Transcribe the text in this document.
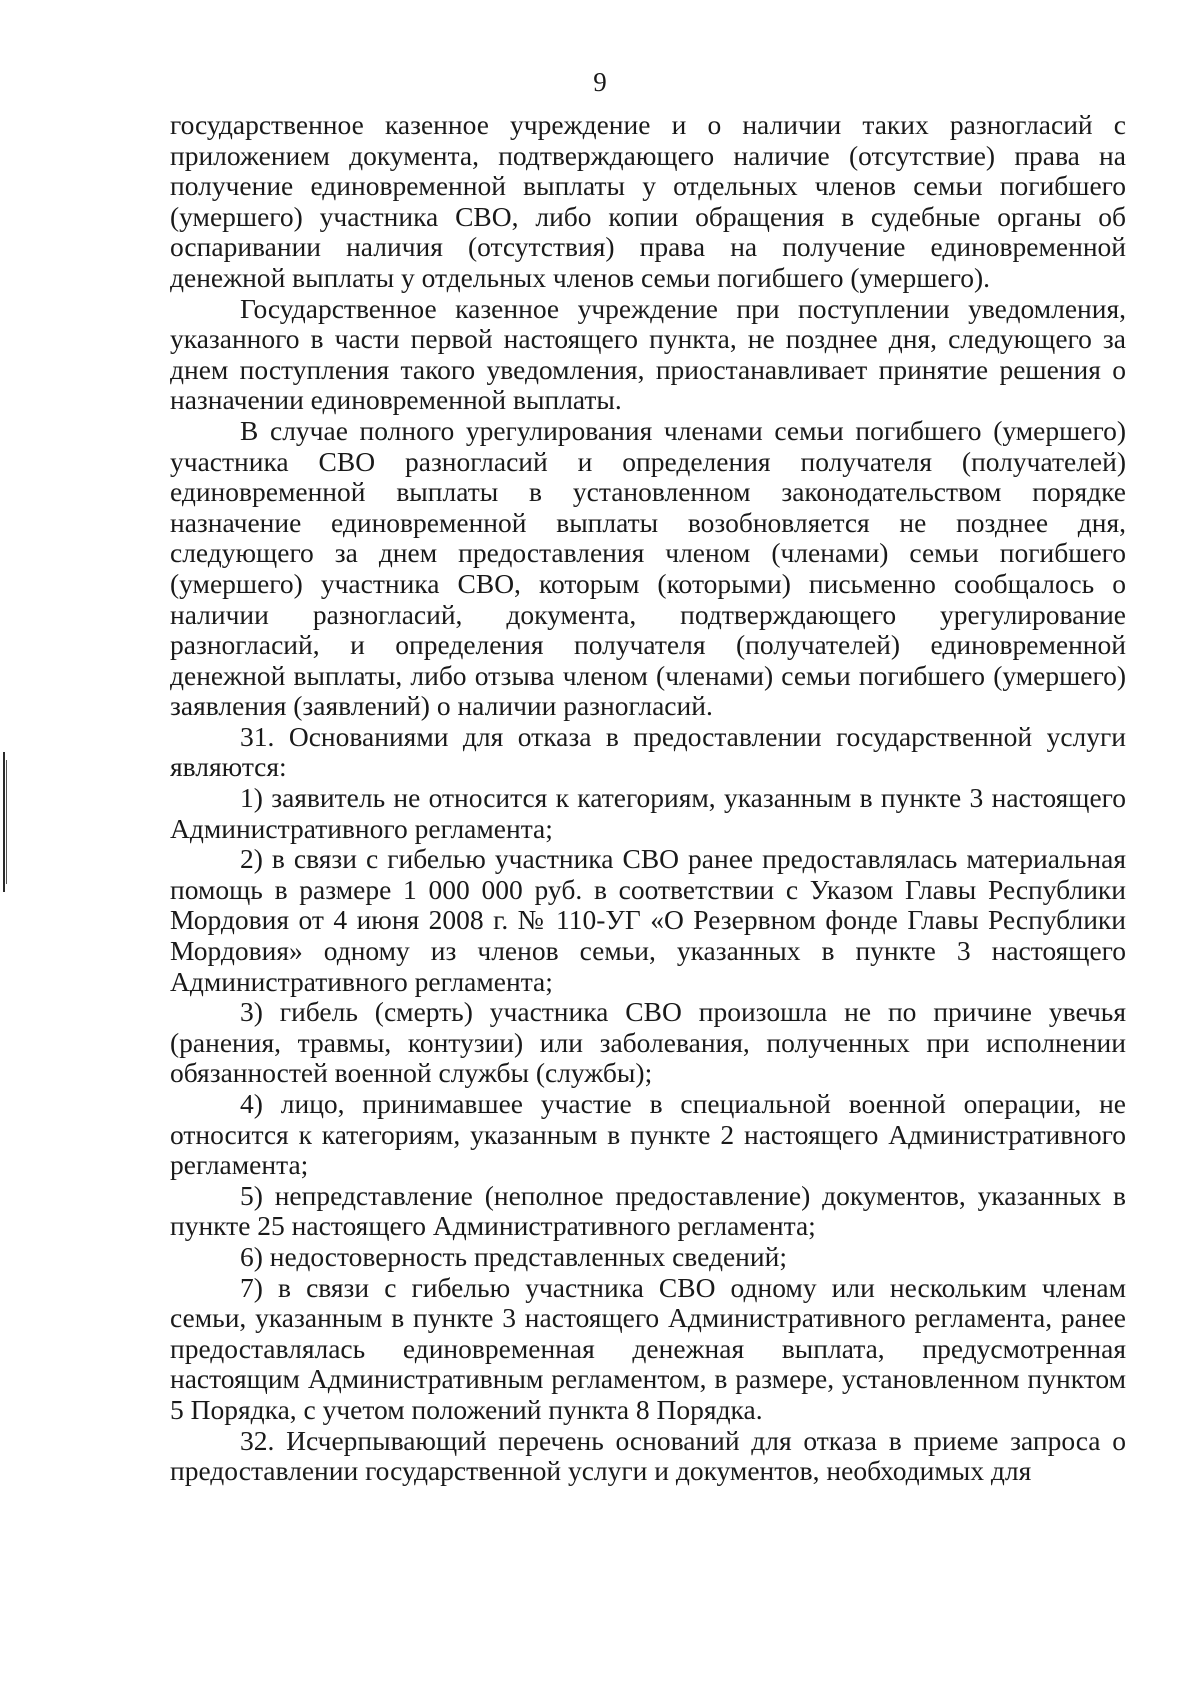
9

государственное казенное учреждение и о наличии таких разногласий с приложением документа, подтверждающего наличие (отсутствие) права на получение единовременной выплаты у отдельных членов семьи погибшего (умершего) участника СВО, либо копии обращения в судебные органы об оспаривании наличия (отсутствия) права на получение единовременной денежной выплаты у отдельных членов семьи погибшего (умершего).

Государственное казенное учреждение при поступлении уведомления, указанного в части первой настоящего пункта, не позднее дня, следующего за днем поступления такого уведомления, приостанавливает принятие решения о назначении единовременной выплаты.

В случае полного урегулирования членами семьи погибшего (умершего) участника СВО разногласий и определения получателя (получателей) единовременной выплаты в установленном законодательством порядке назначение единовременной выплаты возобновляется не позднее дня, следующего за днем предоставления членом (членами) семьи погибшего (умершего) участника СВО, которым (которыми) письменно сообщалось о наличии разногласий, документа, подтверждающего урегулирование разногласий, и определения получателя (получателей) единовременной денежной выплаты, либо отзыва членом (членами) семьи погибшего (умершего) заявления (заявлений) о наличии разногласий.

31. Основаниями для отказа в предоставлении государственной услуги являются:

1) заявитель не относится к категориям, указанным в пункте 3 настоящего Административного регламента;

2) в связи с гибелью участника СВО ранее предоставлялась материальная помощь в размере 1 000 000 руб. в соответствии с Указом Главы Республики Мордовия от 4 июня 2008 г. № 110-УГ «О Резервном фонде Главы Республики Мордовия» одному из членов семьи, указанных в пункте 3 настоящего Административного регламента;

3) гибель (смерть) участника СВО произошла не по причине увечья (ранения, травмы, контузии) или заболевания, полученных при исполнении обязанностей военной службы (службы);

4) лицо, принимавшее участие в специальной военной операции, не относится к категориям, указанным в пункте 2 настоящего Административного регламента;

5) непредставление (неполное предоставление) документов, указанных в пункте 25 настоящего Административного регламента;

6) недостоверность представленных сведений;

7) в связи с гибелью участника СВО одному или нескольким членам семьи, указанным в пункте 3 настоящего Административного регламента, ранее предоставлялась единовременная денежная выплата, предусмотренная настоящим Административным регламентом, в размере, установленном пунктом 5 Порядка, с учетом положений пункта 8 Порядка.

32. Исчерпывающий перечень оснований для отказа в приеме запроса о предоставлении государственной услуги и документов, необходимых для
